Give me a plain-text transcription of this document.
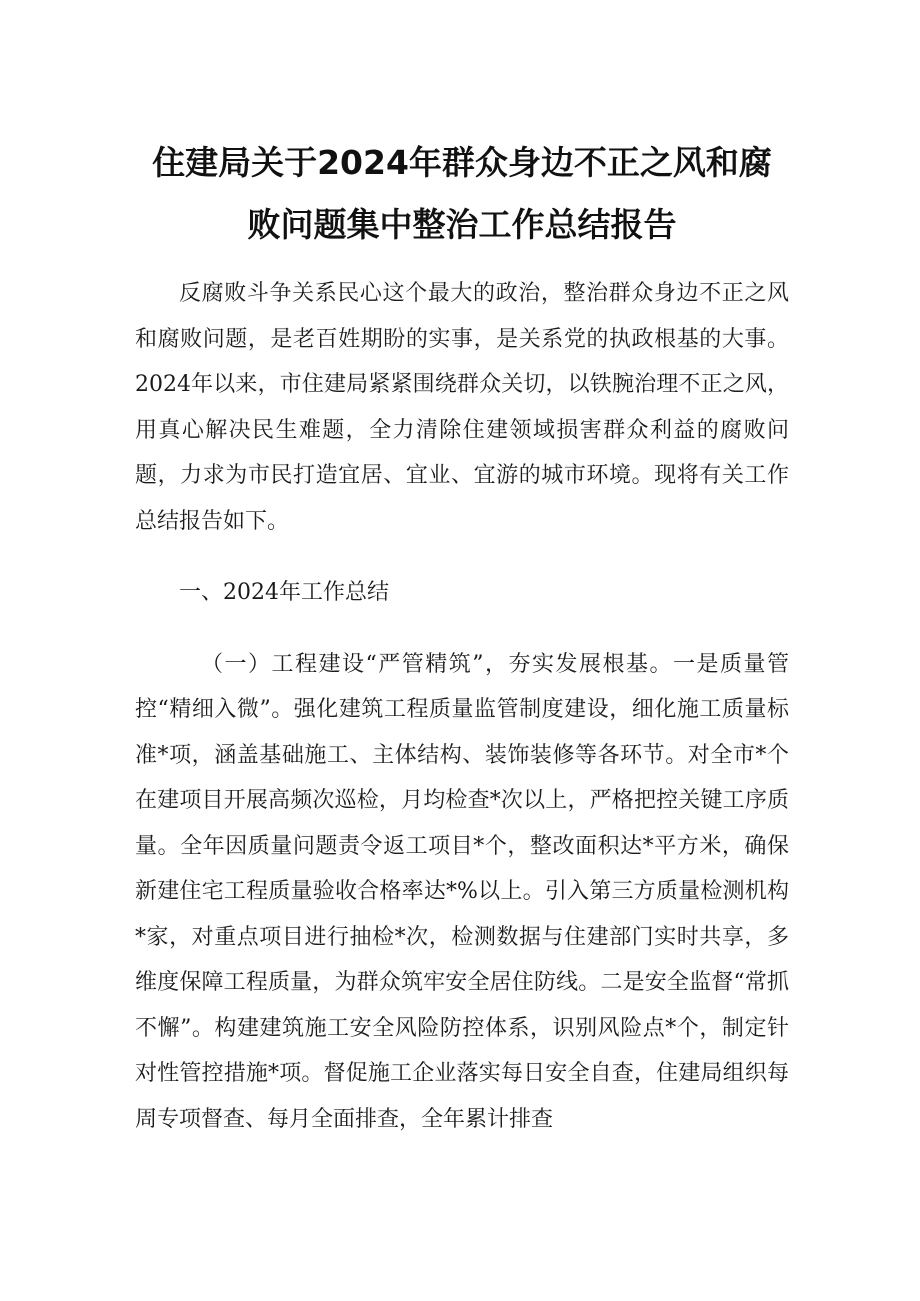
住建局关于2024年群众身边不正之风和腐
败问题集中整治工作总结报告

反腐败斗争关系民心这个最大的政治，整治群众身边不正之风和腐败问题，是老百姓期盼的实事，是关系党的执政根基的大事。2024年以来，市住建局紧紧围绕群众关切，以铁腕治理不正之风，用真心解决民生难题，全力清除住建领域损害群众利益的腐败问题，力求为市民打造宜居、宜业、宜游的城市环境。现将有关工作总结报告如下。

一、2024年工作总结

（一）工程建设“严管精筑”，夯实发展根基。一是质量管控“精细入微”。强化建筑工程质量监管制度建设，细化施工质量标准*项，涵盖基础施工、主体结构、装饰装修等各环节。对全市*个在建项目开展高频次巡检，月均检查*次以上，严格把控关键工序质量。全年因质量问题责令返工项目*个，整改面积达*平方米，确保新建住宅工程质量验收合格率达*%以上。引入第三方质量检测机构*家，对重点项目进行抽检*次，检测数据与住建部门实时共享，多维度保障工程质量，为群众筑牢安全居住防线。二是安全监督“常抓不懈”。构建建筑施工安全风险防控体系，识别风险点*个，制定针对性管控措施*项。督促施工企业落实每日安全自查，住建局组织每周专项督查、每月全面排查，全年累计排查
